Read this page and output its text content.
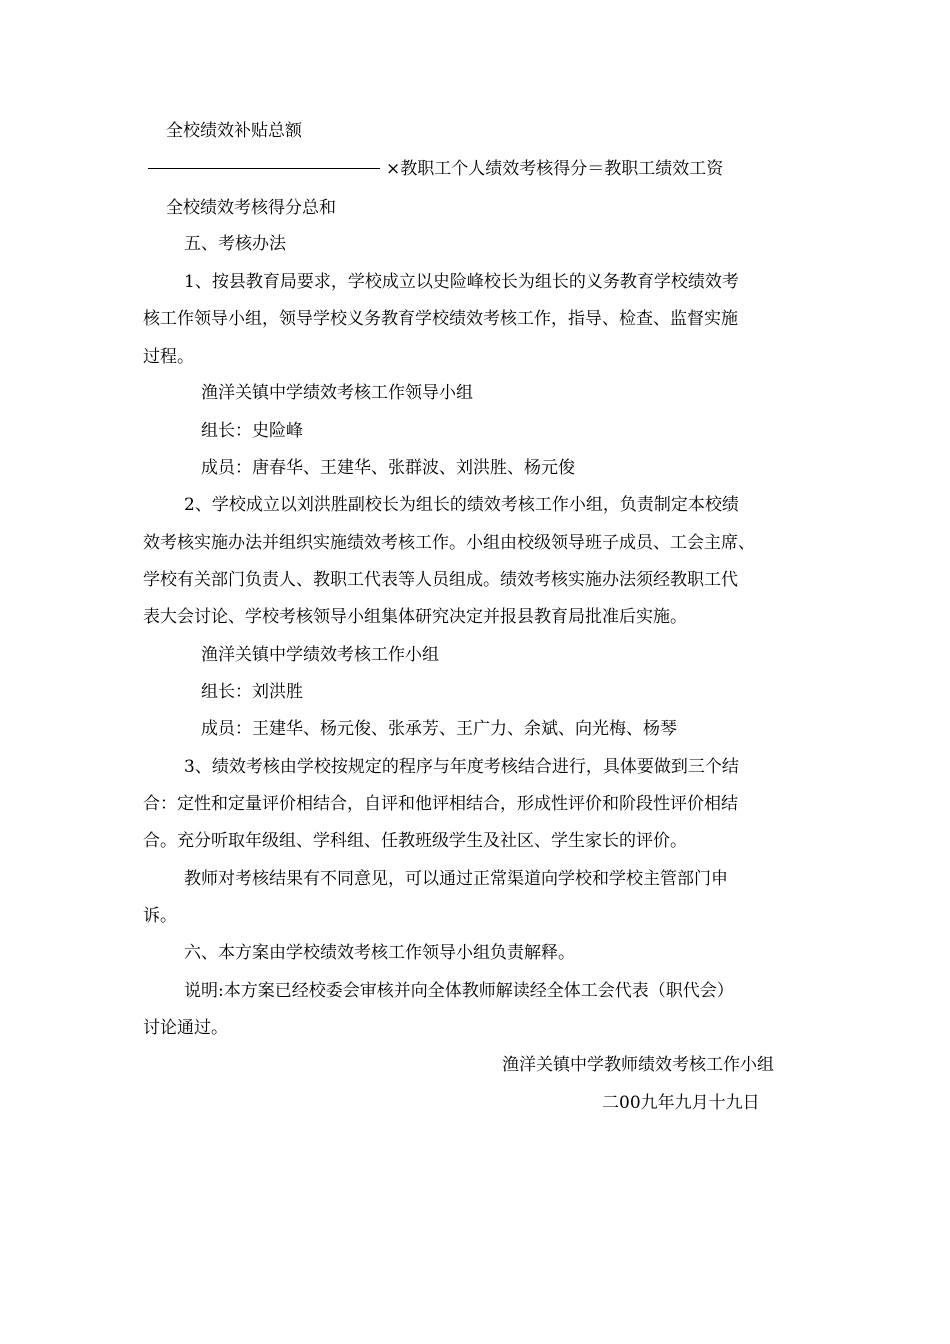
全校绩效补贴总额
×教职工个人绩效考核得分＝教职工绩效工资
全校绩效考核得分总和
五、考核办法
1、按县教育局要求，学校成立以史险峰校长为组长的义务教育学校绩效考
核工作领导小组，领导学校义务教育学校绩效考核工作，指导、检查、监督实施
过程。
渔洋关镇中学绩效考核工作领导小组
组长：史险峰
成员：唐春华、王建华、张群波、刘洪胜、杨元俊
2、学校成立以刘洪胜副校长为组长的绩效考核工作小组，负责制定本校绩
效考核实施办法并组织实施绩效考核工作。小组由校级领导班子成员、工会主席、
学校有关部门负责人、教职工代表等人员组成。绩效考核实施办法须经教职工代
表大会讨论、学校考核领导小组集体研究决定并报县教育局批准后实施。
渔洋关镇中学绩效考核工作小组
组长：刘洪胜
成员：王建华、杨元俊、张承芳、王广力、余斌、向光梅、杨琴
3、绩效考核由学校按规定的程序与年度考核结合进行，具体要做到三个结
合：定性和定量评价相结合，自评和他评相结合，形成性评价和阶段性评价相结
合。充分听取年级组、学科组、任教班级学生及社区、学生家长的评价。
教师对考核结果有不同意见，可以通过正常渠道向学校和学校主管部门申
诉。
六、本方案由学校绩效考核工作领导小组负责解释。
说明:本方案已经校委会审核并向全体教师解读经全体工会代表（职代会）
讨论通过。
渔洋关镇中学教师绩效考核工作小组
二00九年九月十九日
